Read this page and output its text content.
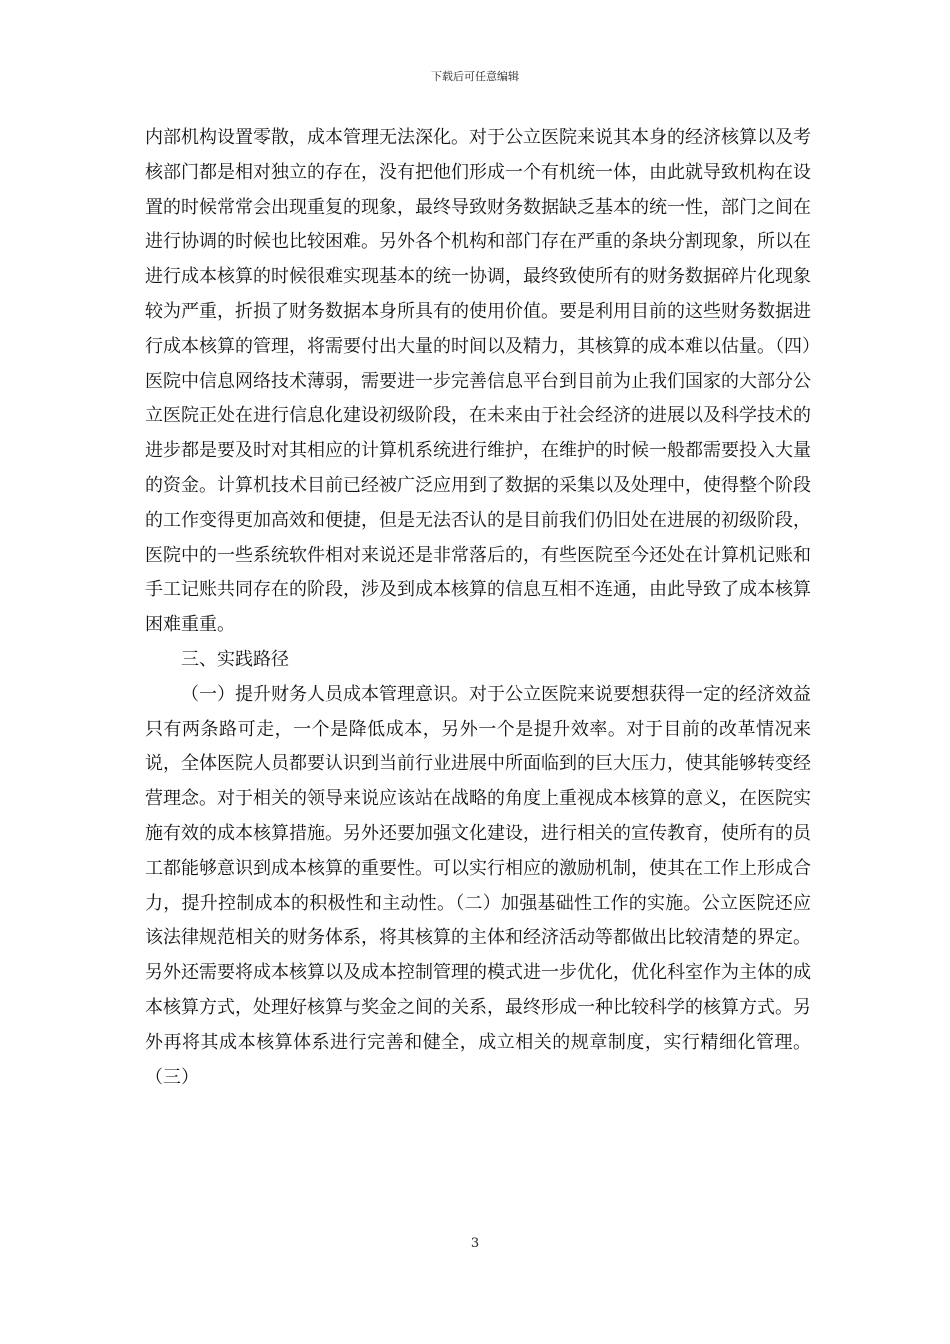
下载后可任意编辑

内部机构设置零散，成本管理无法深化。对于公立医院来说其本身的经济核算以及考核部门都是相对独立的存在，没有把他们形成一个有机统一体，由此就导致机构在设置的时候常常会出现重复的现象，最终导致财务数据缺乏基本的统一性，部门之间在进行协调的时候也比较困难。另外各个机构和部门存在严重的条块分割现象，所以在进行成本核算的时候很难实现基本的统一协调，最终致使所有的财务数据碎片化现象较为严重，折损了财务数据本身所具有的使用价值。要是利用目前的这些财务数据进行成本核算的管理，将需要付出大量的时间以及精力，其核算的成本难以估量。（四）医院中信息网络技术薄弱，需要进一步完善信息平台到目前为止我们国家的大部分公立医院正处在进行信息化建设初级阶段，在未来由于社会经济的进展以及科学技术的进步都是要及时对其相应的计算机系统进行维护，在维护的时候一般都需要投入大量的资金。计算机技术目前已经被广泛应用到了数据的采集以及处理中，使得整个阶段的工作变得更加高效和便捷，但是无法否认的是目前我们仍旧处在进展的初级阶段，医院中的一些系统软件相对来说还是非常落后的，有些医院至今还处在计算机记账和手工记账共同存在的阶段，涉及到成本核算的信息互相不连通，由此导致了成本核算困难重重。

三、实践路径

（一）提升财务人员成本管理意识。对于公立医院来说要想获得一定的经济效益只有两条路可走，一个是降低成本，另外一个是提升效率。对于目前的改革情况来说，全体医院人员都要认识到当前行业进展中所面临到的巨大压力，使其能够转变经营理念。对于相关的领导来说应该站在战略的角度上重视成本核算的意义，在医院实施有效的成本核算措施。另外还要加强文化建设，进行相关的宣传教育，使所有的员工都能够意识到成本核算的重要性。可以实行相应的激励机制，使其在工作上形成合力，提升控制成本的积极性和主动性。（二）加强基础性工作的实施。公立医院还应该法律规范相关的财务体系，将其核算的主体和经济活动等都做出比较清楚的界定。另外还需要将成本核算以及成本控制管理的模式进一步优化，优化科室作为主体的成本核算方式，处理好核算与奖金之间的关系，最终形成一种比较科学的核算方式。另外再将其成本核算体系进行完善和健全，成立相关的规章制度，实行精细化管理。（三）

3
